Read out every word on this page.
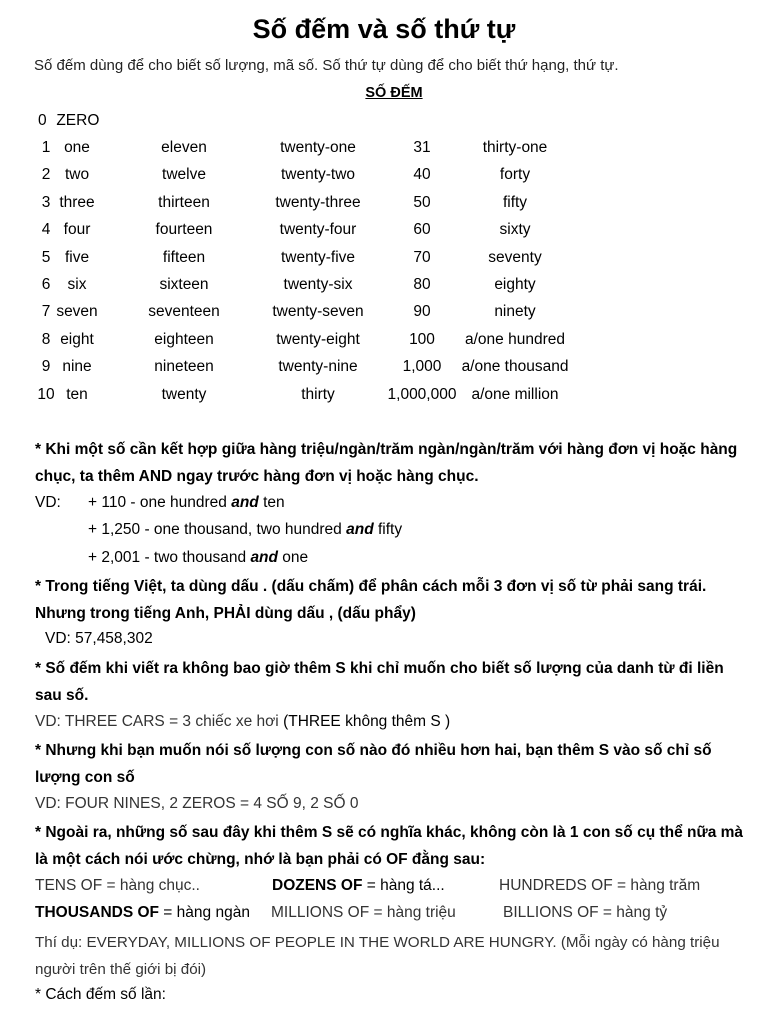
Số đếm và số thứ tự
Số đếm dùng để cho biết số lượng, mã số. Số thứ tự dùng để cho biết thứ hạng, thứ tự.
SỐ ĐẾM
0 ZERO
1 one	eleven	twenty-one	31	thirty-one
2 two	twelve	twenty-two	40	forty
3 three	thirteen	twenty-three	50	fifty
4 four	fourteen	twenty-four	60	sixty
5 five	fifteen	twenty-five	70	seventy
6 six	sixteen	twenty-six	80	eighty
7 seven	seventeen	twenty-seven	90	ninety
8 eight	eighteen	twenty-eight	100 a/one hundred
9 nine	nineteen	twenty-nine	1,000 a/one thousand
10 ten	twenty	thirty	1,000,000 a/one million
* Khi một số cần kết hợp giữa hàng triệu/ngàn/trăm ngàn/ngàn/trăm với hàng đơn vị hoặc hàng chục, ta thêm AND ngay trước hàng đơn vị hoặc hàng chục.
VD: + 110 - one hundred and ten
+ 1,250 - one thousand, two hundred and fifty
+ 2,001 - two thousand and one
* Trong tiếng Việt, ta dùng dấu . (dấu chấm) để phân cách mỗi 3 đơn vị số từ phải sang trái. Nhưng trong tiếng Anh, PHẢI dùng dấu , (dấu phẩy)
VD: 57,458,302
* Số đếm khi viết ra không bao giờ thêm S khi chỉ muốn cho biết số lượng của danh từ đi liền sau số.
VD: THREE CARS = 3 chiếc xe hơi (THREE không thêm S )
* Nhưng khi bạn muốn nói số lượng con số nào đó nhiều hơn hai, bạn thêm S vào số chỉ số lượng con số
VD: FOUR NINES, 2 ZEROS = 4 SỐ 9, 2 SỐ 0
* Ngoài ra, những số sau đây khi thêm S sẽ có nghĩa khác, không còn là 1 con số cụ thể nữa mà là một cách nói ước chừng, nhớ là bạn phải có OF đằng sau:
TENS OF = hàng chục..	DOZENS OF = hàng tá...	HUNDREDS OF = hàng trăm
THOUSANDS OF = hàng ngàn MILLIONS OF = hàng triệu	BILLIONS OF = hàng tỷ
Thí dụ: EVERYDAY, MILLIONS OF PEOPLE IN THE WORLD ARE HUNGRY. (Mỗi ngày có hàng triệu người trên thế giới bị đói)
* Cách đếm số lần:
